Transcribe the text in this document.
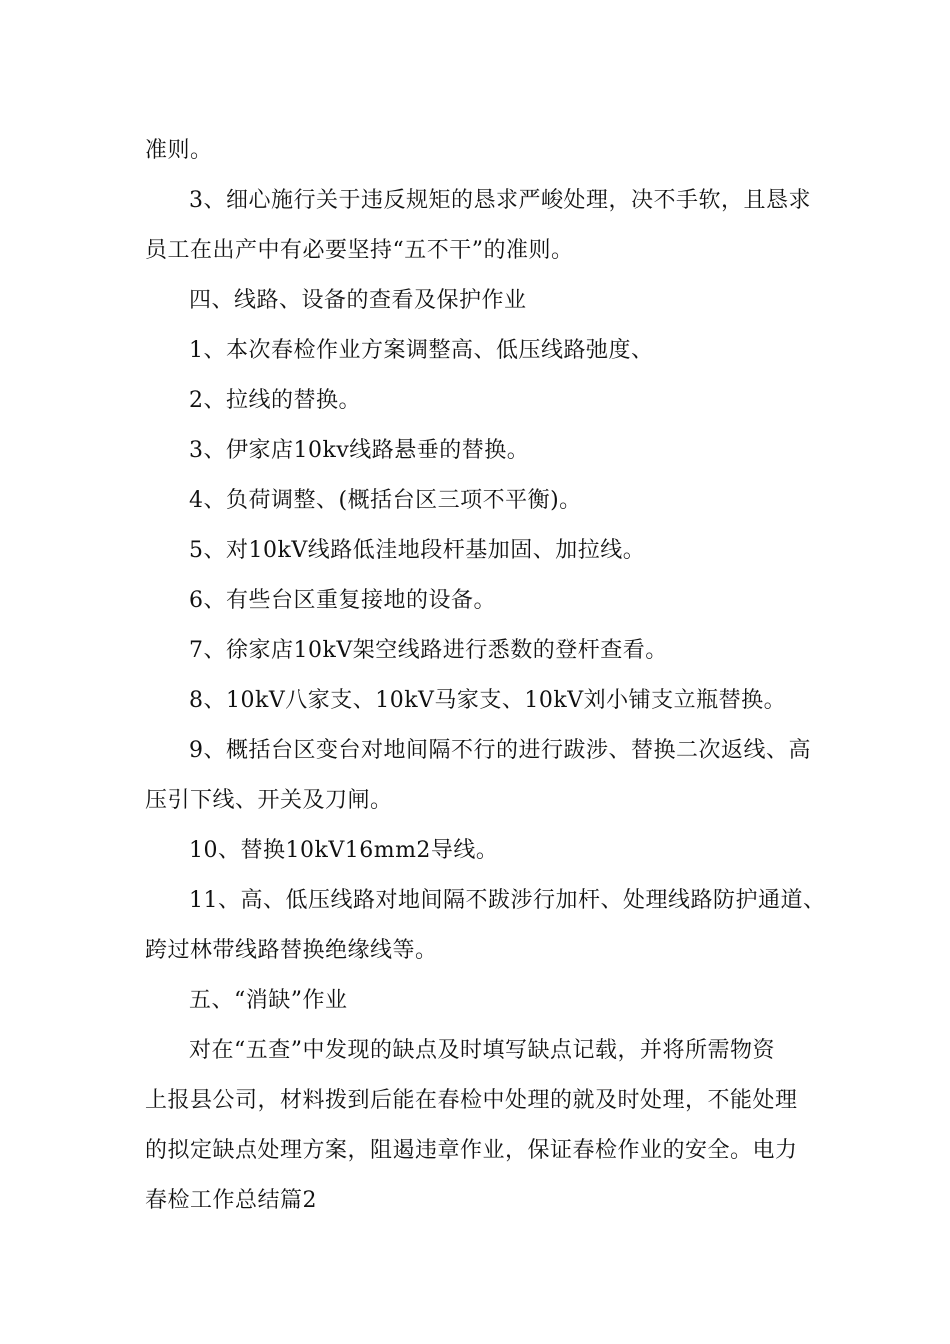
准则。
3、细心施行关于违反规矩的恳求严峻处理，决不手软，且恳求
员工在出产中有必要坚持“五不干”的准则。
四、线路、设备的查看及保护作业
1、本次春检作业方案调整高、低压线路弛度、
2、拉线的替换。
3、伊家店10kv线路悬垂的替换。
4、负荷调整、(概括台区三项不平衡)。
5、对10kV线路低洼地段杆基加固、加拉线。
6、有些台区重复接地的设备。
7、徐家店10kV架空线路进行悉数的登杆查看。
8、10kV八家支、10kV马家支、10kV刘小铺支立瓶替换。
9、概括台区变台对地间隔不行的进行跋涉、替换二次返线、高
压引下线、开关及刀闸。
10、替换10kV16mm2导线。
11、高、低压线路对地间隔不跋涉行加杆、处理线路防护通道、
跨过林带线路替换绝缘线等。
五、“消缺”作业
对在“五查”中发现的缺点及时填写缺点记载，并将所需物资
上报县公司，材料拨到后能在春检中处理的就及时处理，不能处理
的拟定缺点处理方案，阻遏违章作业，保证春检作业的安全。电力
春检工作总结篇2
